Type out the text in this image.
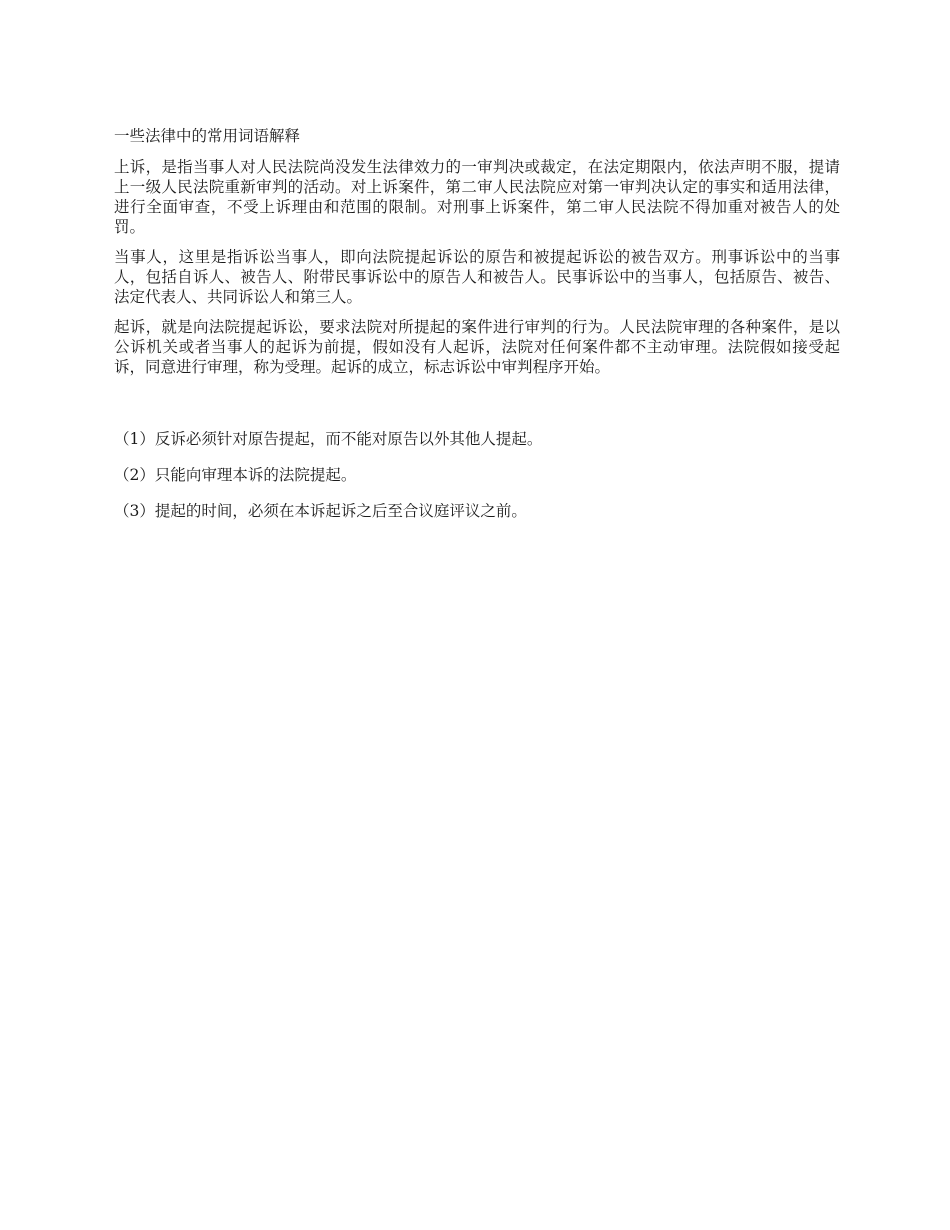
一些法律中的常用词语解释

上诉，是指当事人对人民法院尚没发生法律效力的一审判决或裁定，在法定期限内，依法声明不服，提请上一级人民法院重新审判的活动。对上诉案件，第二审人民法院应对第一审判决认定的事实和适用法律，进行全面审查，不受上诉理由和范围的限制。对刑事上诉案件，第二审人民法院不得加重对被告人的处罚。

当事人，这里是指诉讼当事人，即向法院提起诉讼的原告和被提起诉讼的被告双方。刑事诉讼中的当事人，包括自诉人、被告人、附带民事诉讼中的原告人和被告人。民事诉讼中的当事人，包括原告、被告、法定代表人、共同诉讼人和第三人。

起诉，就是向法院提起诉讼，要求法院对所提起的案件进行审判的行为。人民法院审理的各种案件，是以公诉机关或者当事人的起诉为前提，假如没有人起诉，法院对任何案件都不主动审理。法院假如接受起诉，同意进行审理，称为受理。起诉的成立，标志诉讼中审判程序开始。

（1）反诉必须针对原告提起，而不能对原告以外其他人提起。
（2）只能向审理本诉的法院提起。
（3）提起的时间，必须在本诉起诉之后至合议庭评议之前。
